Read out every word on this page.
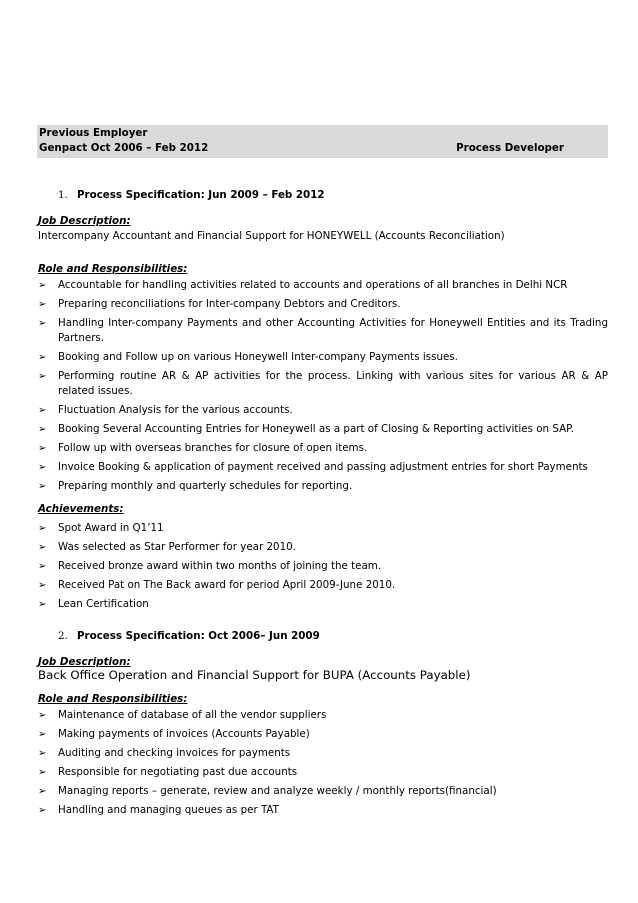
Previous Employer
Genpact Oct 2006 – Feb 2012	Process Developer
1. Process Specification: Jun 2009 – Feb 2012
Job Description:
Intercompany Accountant and Financial Support for HONEYWELL (Accounts Reconciliation)
Role and Responsibilities:
➢	Accountable for handling activities related to accounts and operations of all branches in Delhi NCR
➢	Preparing reconciliations for Inter-company Debtors and Creditors.
➢	Handling Inter-company Payments and other Accounting Activities for Honeywell Entities and its Trading Partners.
➢	Booking and Follow up on various Honeywell Inter-company Payments issues.
➢	Performing routine AR & AP activities for the process. Linking with various sites for various AR & AP related issues.
➢	Fluctuation Analysis for the various accounts.
➢	Booking Several Accounting Entries for Honeywell as a part of Closing & Reporting activities on SAP.
➢	Follow up with overseas branches for closure of open items.
➢	Invoice Booking & application of payment received and passing adjustment entries for short Payments
➢	Preparing monthly and quarterly schedules for reporting.
Achievements:
➢	Spot Award in Q1’11
➢	Was selected as Star Performer for year 2010.
➢	Received bronze award within two months of joining the team.
➢	Received Pat on The Back award for period April 2009-June 2010.
➢	Lean Certification
2. Process Specification: Oct 2006– Jun 2009
Job Description:
Back Office Operation and Financial Support for BUPA (Accounts Payable)
Role and Responsibilities:
➢	Maintenance of database of all the vendor suppliers
➢	Making payments of invoices (Accounts Payable)
➢	Auditing and checking invoices for payments
➢	Responsible for negotiating past due accounts
➢	Managing reports – generate, review and analyze weekly / monthly reports(financial)
➢	Handling and managing queues as per TAT
